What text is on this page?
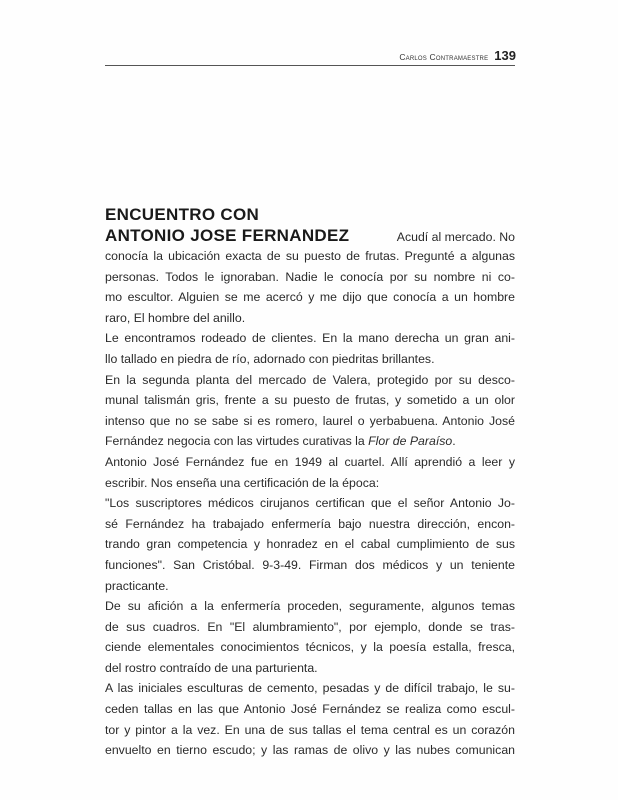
Carlos Contramaestre 139
ENCUENTRO CON
ANTONIO JOSE FERNANDEZ	Acudí al mercado. No
conocía la ubicación exacta de su puesto de frutas. Pregunté a algunas
personas. Todos le ignoraban. Nadie le conocía por su nombre ni co-
mo escultor. Alguien se me acercó y me dijo que conocía a un hombre
raro, El hombre del anillo.
Le encontramos rodeado de clientes. En la mano derecha un gran ani-
llo tallado en piedra de río, adornado con piedritas brillantes.
En la segunda planta del mercado de Valera, protegido por su desco-
munal talismán gris, frente a su puesto de frutas, y sometido a un olor
intenso que no se sabe si es romero, laurel o yerbabuena. Antonio José
Fernández negocia con las virtudes curativas la Flor de Paraíso.
Antonio José Fernández fue en 1949 al cuartel. Allí aprendió a leer y
escribir. Nos enseña una certificación de la época:
"Los suscriptores médicos cirujanos certifican que el señor Antonio Jo-
sé Fernández ha trabajado enfermería bajo nuestra dirección, encon-
trando gran competencia y honradez en el cabal cumplimiento de sus
funciones". San Cristóbal. 9-3-49. Firman dos médicos y un teniente
practicante.
De su afición a la enfermería proceden, seguramente, algunos temas
de sus cuadros. En "El alumbramiento", por ejemplo, donde se tras-
ciende elementales conocimientos técnicos, y la poesía estalla, fresca,
del rostro contraído de una parturienta.
A las iniciales esculturas de cemento, pesadas y de difícil trabajo, le su-
ceden tallas en las que Antonio José Fernández se realiza como escul-
tor y pintor a la vez. En una de sus tallas el tema central es un corazón
envuelto en tierno escudo; y las ramas de olivo y las nubes comunican
